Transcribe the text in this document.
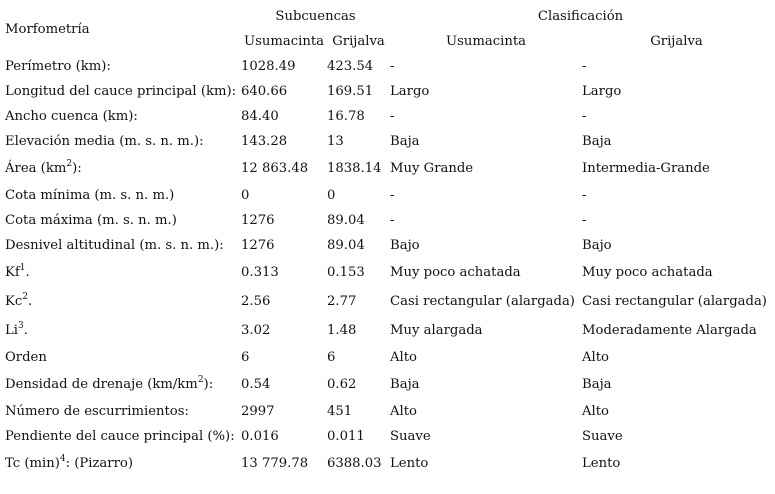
Morfometría	Subcuencas		Clasificación	
	Usumacinta	Grijalva	Usumacinta	Grijalva
Perímetro (km):	1028.49	423.54	-	-
Longitud del cauce principal (km):	640.66	169.51	Largo	Largo
Ancho cuenca (km):	84.40	16.78	-	-
Elevación media (m. s. n. m.):	143.28	13	Baja	Baja
Área $(km^2)$:	12 863.48	1838.14	Muy Grande	Intermedia-Grande
Cota mínima (m. s. n. m.)	0	0	-	-
Cota máxima (m. s. n. m.)	1276	89.04	-	-
Desnivel altitudinal (m. s. n. m.):	1276	89.04	Bajo	Bajo
Kf$^1$.	0.313	0.153	Muy poco achatada	Muy poco achatada
Kc$^2$.	2.56	2.77	Casi rectangular (alargada)	Casi rectangular (alargada)
Li$^3$.	3.02	1.48	Muy alargada	Moderadamente Alargada
Orden	6	6	Alto	Alto
Densidad de drenaje $(km/km^2)$:	0.54	0.62	Baja	Baja
Número de escurrimientos:	2997	451	Alto	Alto
Pendiente del cauce principal (%):	0.016	0.011	Suave	Suave
Tc $(\min)^4$: (Pizarro)	13 779.78	6388.03	Lento	Lento
